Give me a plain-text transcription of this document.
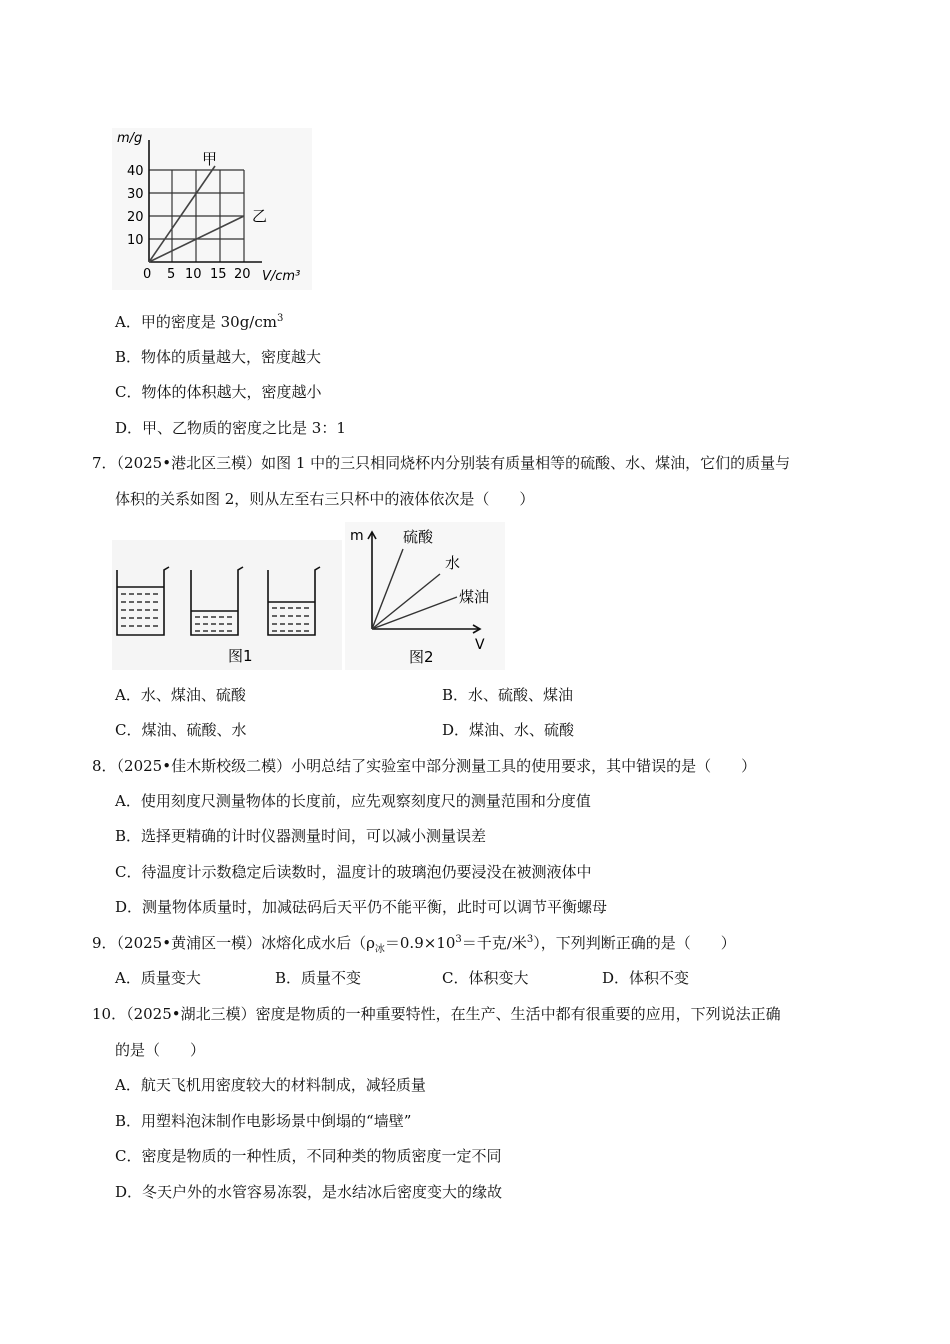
m/g
40
30
20
10
0 5 10 15 20 V/cm³
甲
乙
A．甲的密度是 $30g/cm^3$
B．物体的质量越大，密度越大
C．物体的体积越大，密度越小
D．甲、乙物质的密度之比是 3：1
7．（2025•港北区三模）如图 1 中的三只相同烧杯内分别装有质量相等的硫酸、水、煤油，它们的质量与
体积的关系如图 2，则从左至右三只杯中的液体依次是（　　）
图1
m
V
硫酸
水
煤油
图2
A．水、煤油、硫酸	B．水、硫酸、煤油
C．煤油、硫酸、水	D．煤油、水、硫酸
8．（2025•佳木斯校级二模）小明总结了实验室中部分测量工具的使用要求，其中错误的是（　　）
A．使用刻度尺测量物体的长度前，应先观察刻度尺的测量范围和分度值
B．选择更精确的计时仪器测量时间，可以减小测量误差
C．待温度计示数稳定后读数时，温度计的玻璃泡仍要浸没在被测液体中
D．测量物体质量时，加减砝码后天平仍不能平衡，此时可以调节平衡螺母
9．（2025•黄浦区一模）冰熔化成水后（$\rho_冰=0.9\times 10^3=$千克/米$^3$），下列判断正确的是（　　）
A．质量变大	B．质量不变	C．体积变大	D．体积不变
10．（2025•湖北三模）密度是物质的一种重要特性，在生产、生活中都有很重要的应用，下列说法正确
的是（　　）
A．航天飞机用密度较大的材料制成，减轻质量
B．用塑料泡沫制作电影场景中倒塌的“墙壁”
C．密度是物质的一种性质，不同种类的物质密度一定不同
D．冬天户外的水管容易冻裂，是水结冰后密度变大的缘故
